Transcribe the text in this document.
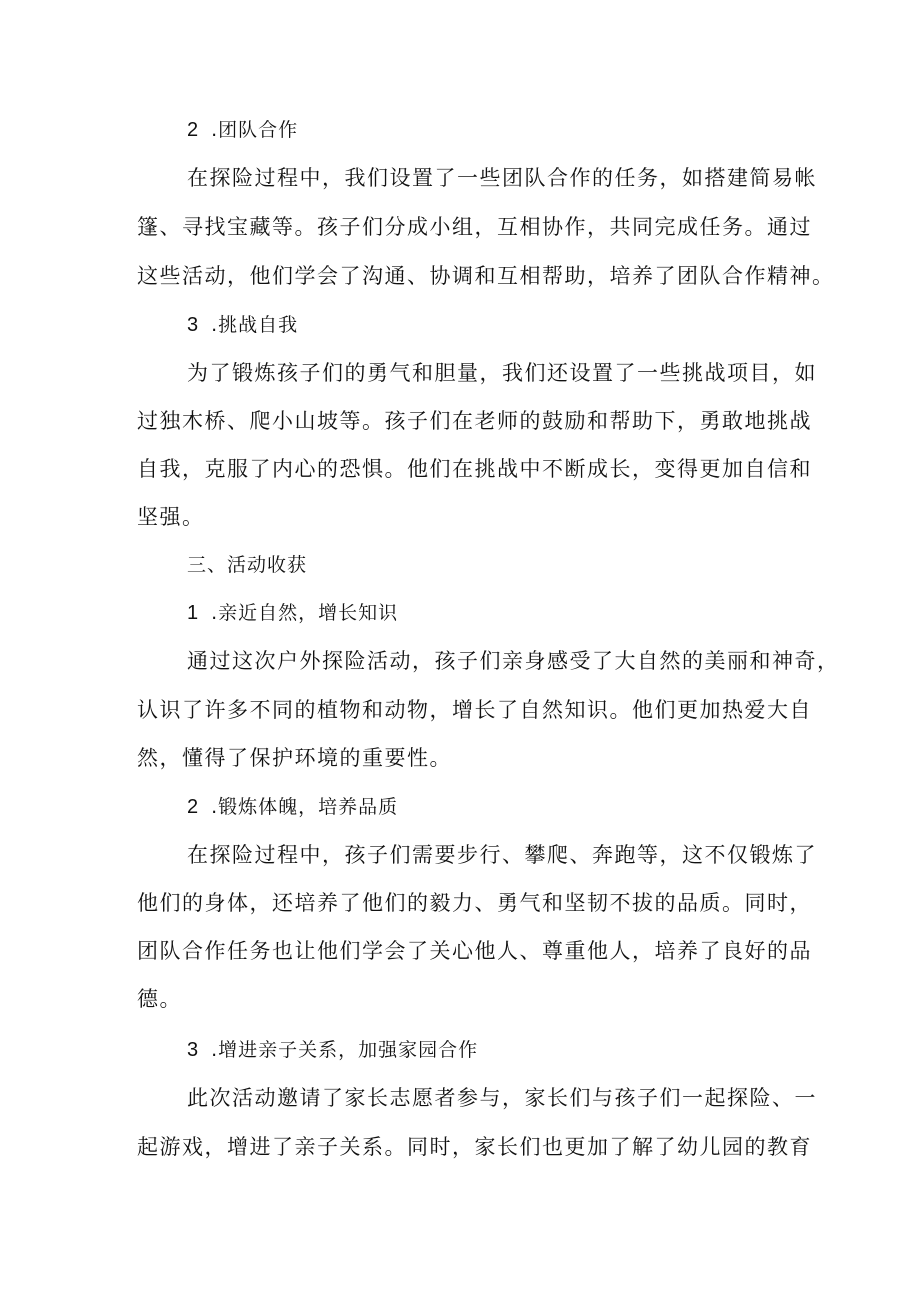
2 .团队合作
在探险过程中，我们设置了一些团队合作的任务，如搭建简易帐
篷、寻找宝藏等。孩子们分成小组，互相协作，共同完成任务。通过
这些活动，他们学会了沟通、协调和互相帮助，培养了团队合作精神。
3 .挑战自我
为了锻炼孩子们的勇气和胆量，我们还设置了一些挑战项目，如
过独木桥、爬小山坡等。孩子们在老师的鼓励和帮助下，勇敢地挑战
自我，克服了内心的恐惧。他们在挑战中不断成长，变得更加自信和
坚强。
三、活动收获
1 .亲近自然，增长知识
通过这次户外探险活动，孩子们亲身感受了大自然的美丽和神奇，
认识了许多不同的植物和动物，增长了自然知识。他们更加热爱大自
然，懂得了保护环境的重要性。
2 .锻炼体魄，培养品质
在探险过程中，孩子们需要步行、攀爬、奔跑等，这不仅锻炼了
他们的身体，还培养了他们的毅力、勇气和坚韧不拔的品质。同时，
团队合作任务也让他们学会了关心他人、尊重他人，培养了良好的品
德。
3 .增进亲子关系，加强家园合作
此次活动邀请了家长志愿者参与，家长们与孩子们一起探险、一
起游戏，增进了亲子关系。同时，家长们也更加了解了幼儿园的教育
